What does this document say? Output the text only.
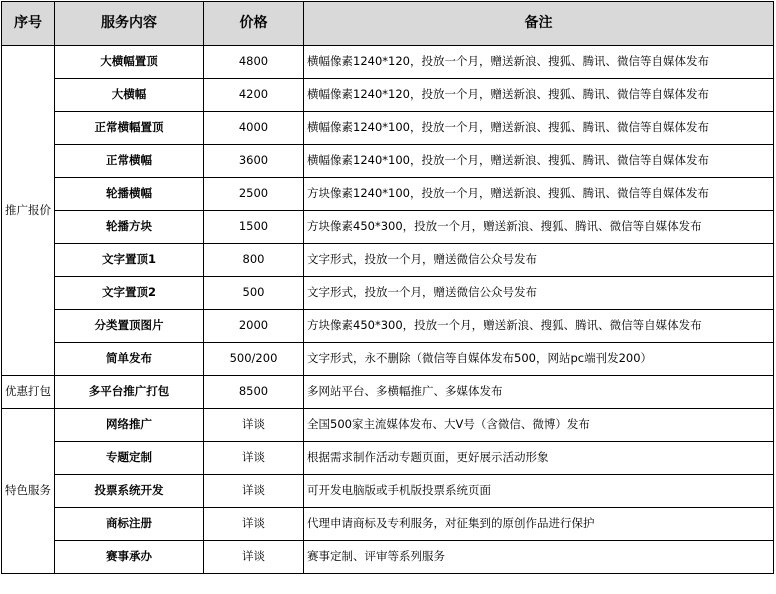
序号	服务内容	价格	备注
推广报价	大横幅置顶	4800	横幅像素1240*120，投放一个月，赠送新浪、搜狐、腾讯、微信等自媒体发布
	大横幅	4200	横幅像素1240*120，投放一个月，赠送新浪、搜狐、腾讯、微信等自媒体发布
	正常横幅置顶	4000	横幅像素1240*100，投放一个月，赠送新浪、搜狐、腾讯、微信等自媒体发布
	正常横幅	3600	横幅像素1240*100，投放一个月，赠送新浪、搜狐、腾讯、微信等自媒体发布
	轮播横幅	2500	方块像素1240*100，投放一个月，赠送新浪、搜狐、腾讯、微信等自媒体发布
	轮播方块	1500	方块像素450*300，投放一个月，赠送新浪、搜狐、腾讯、微信等自媒体发布
	文字置顶1	800	文字形式，投放一个月，赠送微信公众号发布
	文字置顶2	500	文字形式，投放一个月，赠送微信公众号发布
	分类置顶图片	2000	方块像素450*300，投放一个月，赠送新浪、搜狐、腾讯、微信等自媒体发布
	简单发布	500/200	文字形式，永不删除（微信等自媒体发布500，网站pc端刊发200）
优惠打包	多平台推广打包	8500	多网站平台、多横幅推广、多媒体发布
特色服务	网络推广	详谈	全国500家主流媒体发布、大V号（含微信、微博）发布
	专题定制	详谈	根据需求制作活动专题页面，更好展示活动形象
	投票系统开发	详谈	可开发电脑版或手机版投票系统页面
	商标注册	详谈	代理申请商标及专利服务，对征集到的原创作品进行保护
	赛事承办	详谈	赛事定制、评审等系列服务
